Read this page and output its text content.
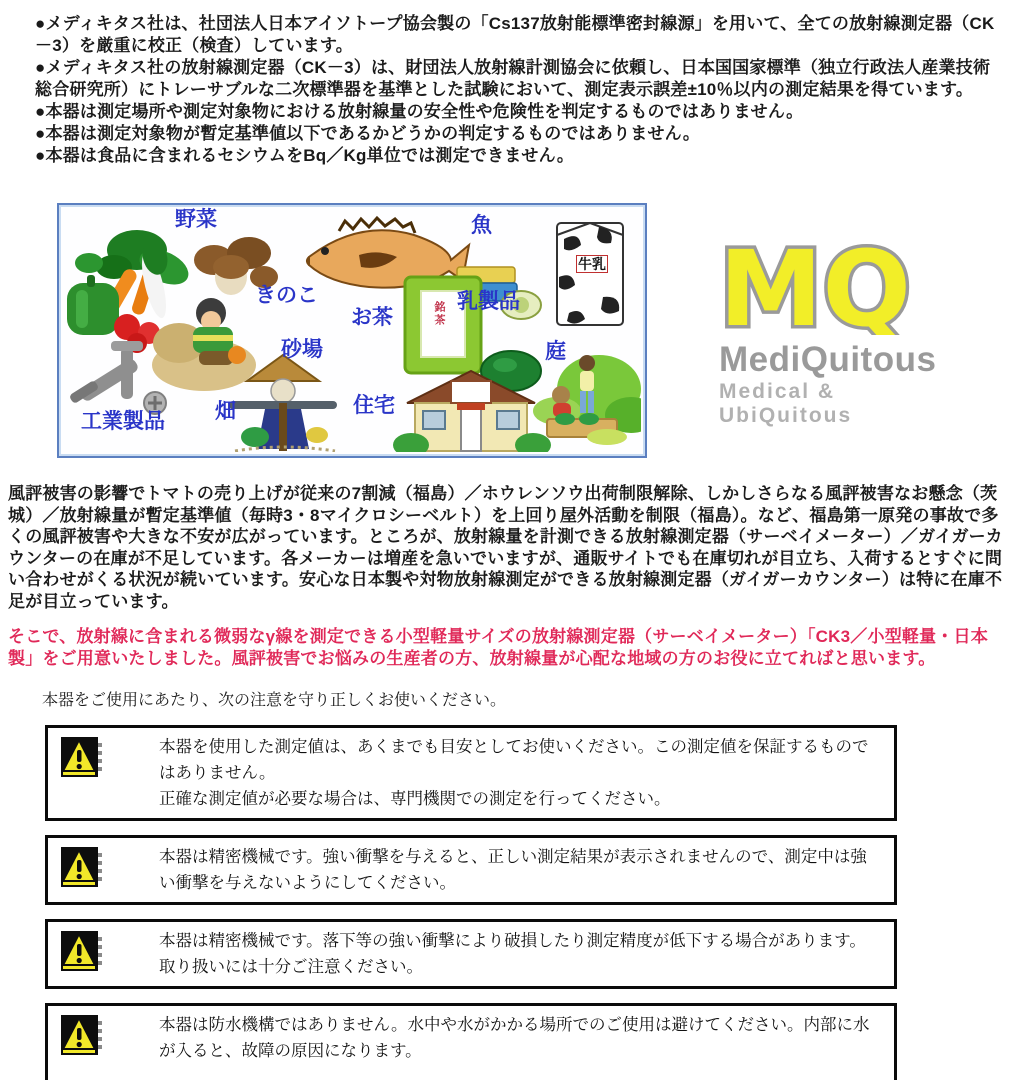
●メディキタス社は、社団法人日本アイソトープ協会製の「Cs137放射能標準密封線源」を用いて、全ての放射線測定器（CK－3）を厳重に校正（検査）しています。

●メディキタス社の放射線測定器（CK－3）は、財団法人放射線計測協会に依頼し、日本国国家標準（独立行政法人産業技術総合研究所）にトレーサブルな二次標準器を基準とした試験において、測定表示誤差±10％以内の測定結果を得ています。

●本器は測定場所や測定対象物における放射線量の安全性や危険性を判定するものではありません。

●本器は測定対象物が暫定基準値以下であるかどうかの判定するものではありません。

●本器は食品に含まれるセシウムをBq／Kg単位では測定できません。

野菜
きのこ
魚
乳製品
お茶
砂場
畑	住宅
庭
工業製品
牛乳
銘茶	MQ
MediQuitous
Medical & UbiQuitous

風評被害の影響でトマトの売り上げが従来の7割減（福島）／ホウレンソウ出荷制限解除、しかしさらなる風評被害なお懸念（茨城）／放射線量が暫定基準値（毎時3・8マイクロシーベルト）を上回り屋外活動を制限（福島）。など、福島第一原発の事故で多くの風評被害や大きな不安が広がっています。ところが、放射線量を計測できる放射線測定器（サーベイメーター）／ガイガーカウンターの在庫が不足しています。各メーカーは増産を急いでいますが、通販サイトでも在庫切れが目立ち、入荷するとすぐに問い合わせがくる状況が続いています。安心な日本製や対物放射線測定ができる放射線測定器（ガイガーカウンター）は特に在庫不足が目立っています。

そこで、放射線に含まれる微弱なγ線を測定できる小型軽量サイズの放射線測定器（サーベイメーター）「CK3／小型軽量・日本製」をご用意いたしました。風評被害でお悩みの生産者の方、放射線量が心配な地域の方のお役に立てればと思います。

本器をご使用にあたり、次の注意を守り正しくお使いください。

本器を使用した測定値は、あくまでも目安としてお使いください。この測定値を保証するものではありません。

正確な測定値が必要な場合は、専門機関での測定を行ってください。

本器は精密機械です。強い衝撃を与えると、正しい測定結果が表示されませんので、測定中は強い衝撃を与えないようにしてください。

本器は精密機械です。落下等の強い衝撃により破損したり測定精度が低下する場合があります。取り扱いには十分ご注意ください。

本器は防水機構ではありません。水中や水がかかる場所でのご使用は避けてください。内部に水が入ると、故障の原因になります。
